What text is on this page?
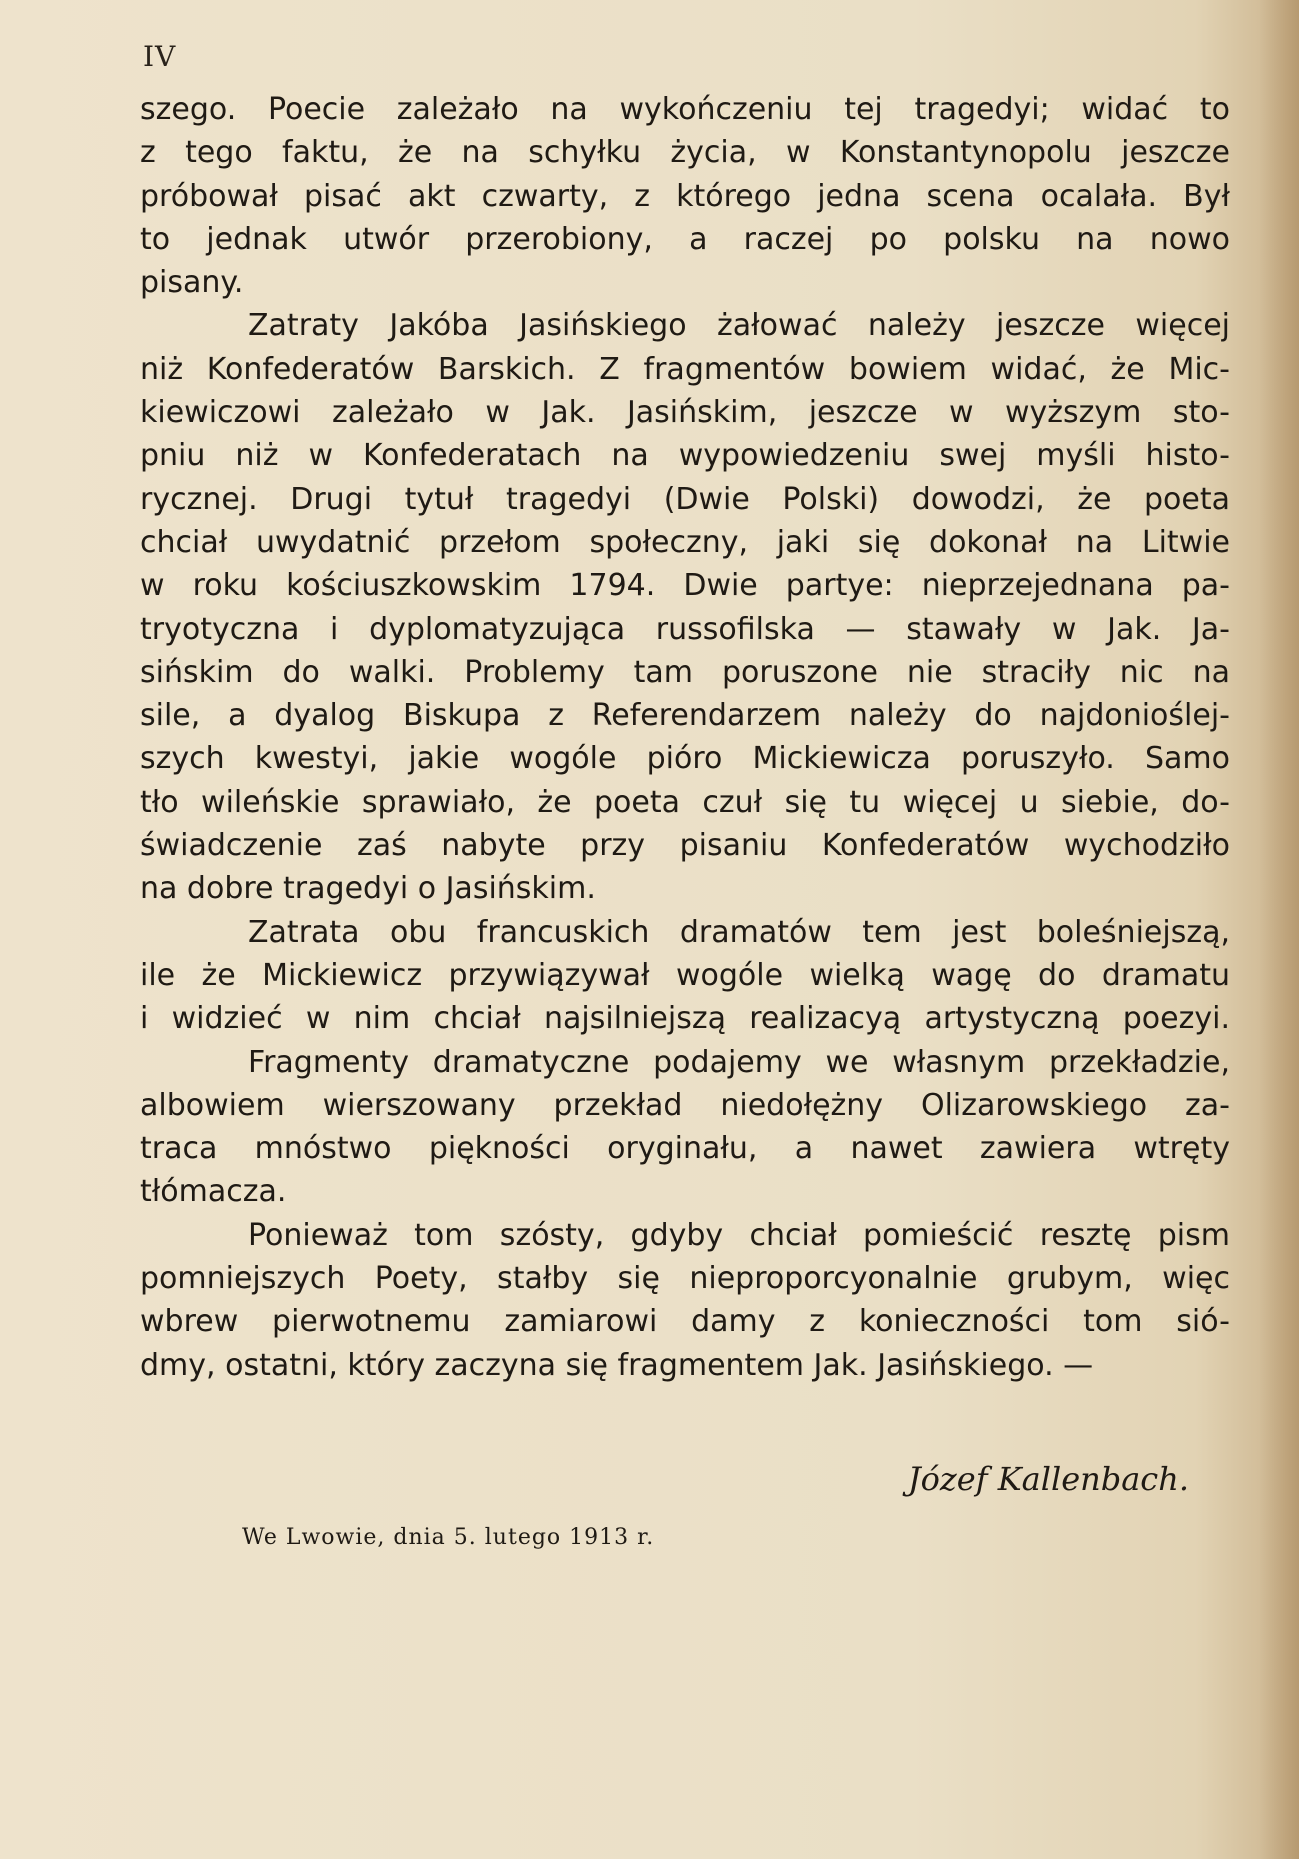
IV
szego. Poecie zależało na wykończeniu tej tragedyi; widać to
z tego faktu, że na schyłku życia, w Konstantynopolu jeszcze
próbował pisać akt czwarty, z którego jedna scena ocalała. Był
to jednak utwór przerobiony, a raczej po polsku na nowo
pisany.
Zatraty Jakóba Jasińskiego żałować należy jeszcze więcej
niż Konfederatów Barskich. Z fragmentów bowiem widać, że Mic-
kiewiczowi zależało w Jak. Jasińskim, jeszcze w wyższym sto-
pniu niż w Konfederatach na wypowiedzeniu swej myśli histo-
rycznej. Drugi tytuł tragedyi (Dwie Polski) dowodzi, że poeta
chciał uwydatnić przełom społeczny, jaki się dokonał na Litwie
w roku kościuszkowskim 1794. Dwie partye: nieprzejednana pa-
tryotyczna i dyplomatyzująca russofilska — stawały w Jak. Ja-
sińskim do walki. Problemy tam poruszone nie straciły nic na
sile, a dyalog Biskupa z Referendarzem należy do najdonioślej-
szych kwestyi, jakie wogóle pióro Mickiewicza poruszyło. Samo
tło wileńskie sprawiało, że poeta czuł się tu więcej u siebie, do-
świadczenie zaś nabyte przy pisaniu Konfederatów wychodziło
na dobre tragedyi o Jasińskim.
Zatrata obu francuskich dramatów tem jest boleśniejszą,
ile że Mickiewicz przywiązywał wogóle wielką wagę do dramatu
i widzieć w nim chciał najsilniejszą realizacyą artystyczną poezyi.
Fragmenty dramatyczne podajemy we własnym przekładzie,
albowiem wierszowany przekład niedołężny Olizarowskiego za-
traca mnóstwo piękności oryginału, a nawet zawiera wtręty
tłómacza.
Ponieważ tom szósty, gdyby chciał pomieścić resztę pism
pomniejszych Poety, stałby się nieproporcyonalnie grubym, więc
wbrew pierwotnemu zamiarowi damy z konieczności tom sió-
dmy, ostatni, który zaczyna się fragmentem Jak. Jasińskiego. —
Józef Kallenbach.
We Lwowie, dnia 5. lutego 1913 r.
